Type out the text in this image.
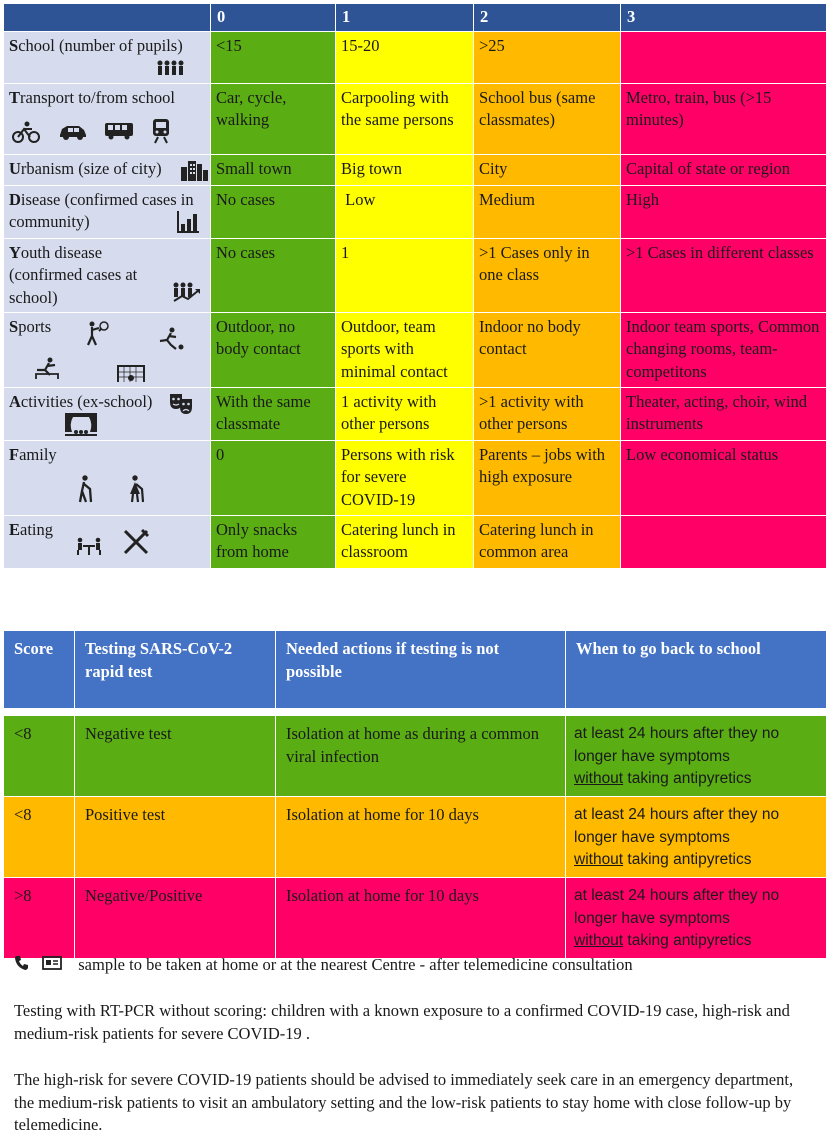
	0	1	2	3
School (number of pupils)	<15	15-20	>25	
Transport to/from school	Car, cycle, walking	Carpooling with the same persons	School bus (same classmates)	Metro, train, bus (>15 minutes)
Urbanism (size of city)	Small town	Big town	City	Capital of state or region
Disease (confirmed cases in community)	No cases	Low	Medium	High
Youth disease (confirmed cases at school)	No cases	1	>1 Cases only in one class	>1 Cases in different classes
Sports	Outdoor, no body contact	Outdoor, team sports with minimal contact	Indoor no body contact	Indoor team sports, Common changing rooms, team-competitons
Activities (ex-school)	With the same classmate	1 activity with other persons	>1 activity with other persons	Theater, acting, choir, wind instruments
Family	0	Persons with risk for severe COVID-19	Parents – jobs with high exposure	Low economical status
Eating	Only snacks from home	Catering lunch in classroom	Catering lunch in common area	
Score	Testing SARS-CoV-2 rapid test	Needed actions if testing is not possible	When to go back to school

<8	Negative test	Isolation at home as during a common viral infection	at least 24 hours after they no longer have symptoms
without taking antipyretics
<8	Positive test	Isolation at home for 10 days	at least 24 hours after they no longer have symptoms
without taking antipyretics
>8	Negative/Positive	Isolation at home for 10 days	at least 24 hours after they no longer have symptoms
without taking antipyretics
sample to be taken at home or at the nearest Centre - after telemedicine consultation

Testing with RT-PCR without scoring: children with a known exposure to a confirmed COVID-19 case, high-risk and medium-risk patients for severe COVID-19 .

The high-risk for severe COVID-19 patients should be advised to immediately seek care in an emergency department, the medium-risk patients to visit an ambulatory setting and the low-risk patients to stay home with close follow-up by telemedicine.
